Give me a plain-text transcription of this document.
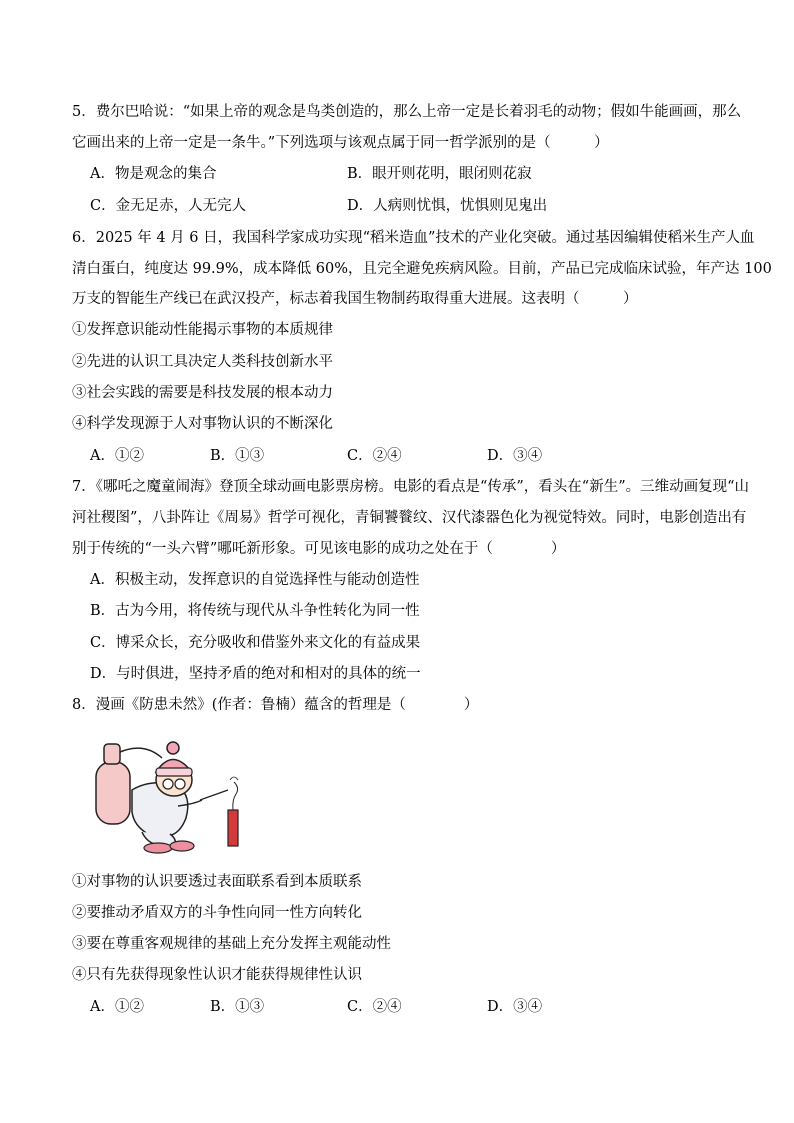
5．费尔巴哈说：“如果上帝的观念是鸟类创造的，那么上帝一定是长着羽毛的动物；假如牛能画画，那么
它画出来的上帝一定是一条牛。”下列选项与该观点属于同一哲学派别的是（　　　）
A．物是观念的集合	B．眼开则花明，眼闭则花寂
C．金无足赤，人无完人	D．人病则忧惧，忧惧则见鬼出
6．2025 年 4 月 6 日，我国科学家成功实现“稻米造血”技术的产业化突破。通过基因编辑使稻米生产人血
清白蛋白，纯度达 99.9%，成本降低 60%，且完全避免疾病风险。目前，产品已完成临床试验，年产达 100
万支的智能生产线已在武汉投产，标志着我国生物制药取得重大进展。这表明（　　　）
①发挥意识能动性能揭示事物的本质规律
②先进的认识工具决定人类科技创新水平
③社会实践的需要是科技发展的根本动力
④科学发现源于人对事物认识的不断深化
A．①②	B．①③	C．②④	D．③④
7．《哪吒之魔童闹海》登顶全球动画电影票房榜。电影的看点是“传承”，看头在“新生”。三维动画复现“山
河社稷图”，八卦阵让《周易》哲学可视化，青铜饕餮纹、汉代漆器色化为视觉特效。同时，电影创造出有
别于传统的“一头六臂”哪吒新形象。可见该电影的成功之处在于（　　　　）
A．积极主动，发挥意识的自觉选择性与能动创造性
B．古为今用，将传统与现代从斗争性转化为同一性
C．博采众长，充分吸收和借鉴外来文化的有益成果
D．与时俱进，坚持矛盾的绝对和相对的具体的统一
8．漫画《防患未然》(作者：鲁楠）蕴含的哲理是（　　　　）
①对事物的认识要透过表面联系看到本质联系
②要推动矛盾双方的斗争性向同一性方向转化
③要在尊重客观规律的基础上充分发挥主观能动性
④只有先获得现象性认识才能获得规律性认识
A．①②	B．①③	C．②④	D．③④
